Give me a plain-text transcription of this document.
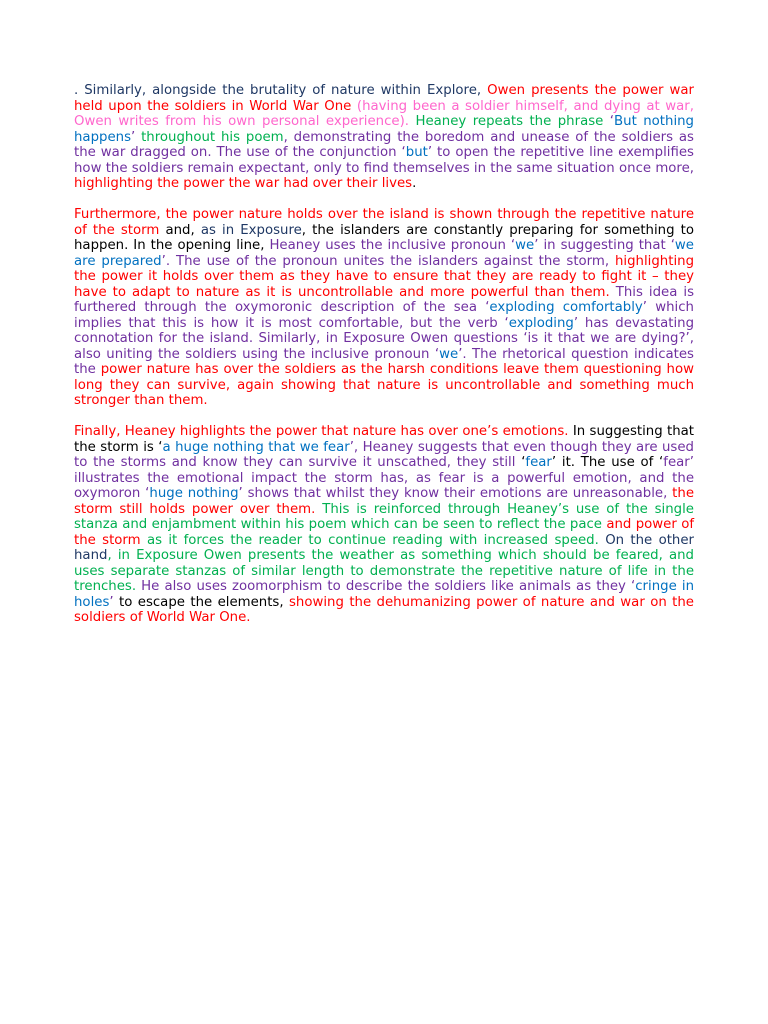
. Similarly, alongside the brutality of nature within Explore, Owen presents the power war held upon the soldiers in World War One (having been a soldier himself, and dying at war, Owen writes from his own personal experience). Heaney repeats the phrase ‘But nothing happens’ throughout his poem, demonstrating the boredom and unease of the soldiers as the war dragged on. The use of the conjunction ‘but’ to open the repetitive line exemplifies how the soldiers remain expectant, only to find themselves in the same situation once more, highlighting the power the war had over their lives.

Furthermore, the power nature holds over the island is shown through the repetitive nature of the storm and, as in Exposure, the islanders are constantly preparing for something to happen. In the opening line, Heaney uses the inclusive pronoun ‘we’ in suggesting that ‘we are prepared’. The use of the pronoun unites the islanders against the storm, highlighting the power it holds over them as they have to ensure that they are ready to fight it – they have to adapt to nature as it is uncontrollable and more powerful than them. This idea is furthered through the oxymoronic description of the sea ‘exploding comfortably’ which implies that this is how it is most comfortable, but the verb ‘exploding’ has devastating connotation for the island. Similarly, in Exposure Owen questions ‘is it that we are dying?’, also uniting the soldiers using the inclusive pronoun ‘we’. The rhetorical question indicates the power nature has over the soldiers as the harsh conditions leave them questioning how long they can survive, again showing that nature is uncontrollable and something much stronger than them.

Finally, Heaney highlights the power that nature has over one’s emotions. In suggesting that the storm is ‘a huge nothing that we fear’, Heaney suggests that even though they are used to the storms and know they can survive it unscathed, they still ‘fear’ it. The use of ‘fear’ illustrates the emotional impact the storm has, as fear is a powerful emotion, and the oxymoron ‘huge nothing’ shows that whilst they know their emotions are unreasonable, the storm still holds power over them. This is reinforced through Heaney’s use of the single stanza and enjambment within his poem which can be seen to reflect the pace and power of the storm as it forces the reader to continue reading with increased speed. On the other hand, in Exposure Owen presents the weather as something which should be feared, and uses separate stanzas of similar length to demonstrate the repetitive nature of life in the trenches. He also uses zoomorphism to describe the soldiers like animals as they ‘cringe in holes’ to escape the elements, showing the dehumanizing power of nature and war on the soldiers of World War One.
